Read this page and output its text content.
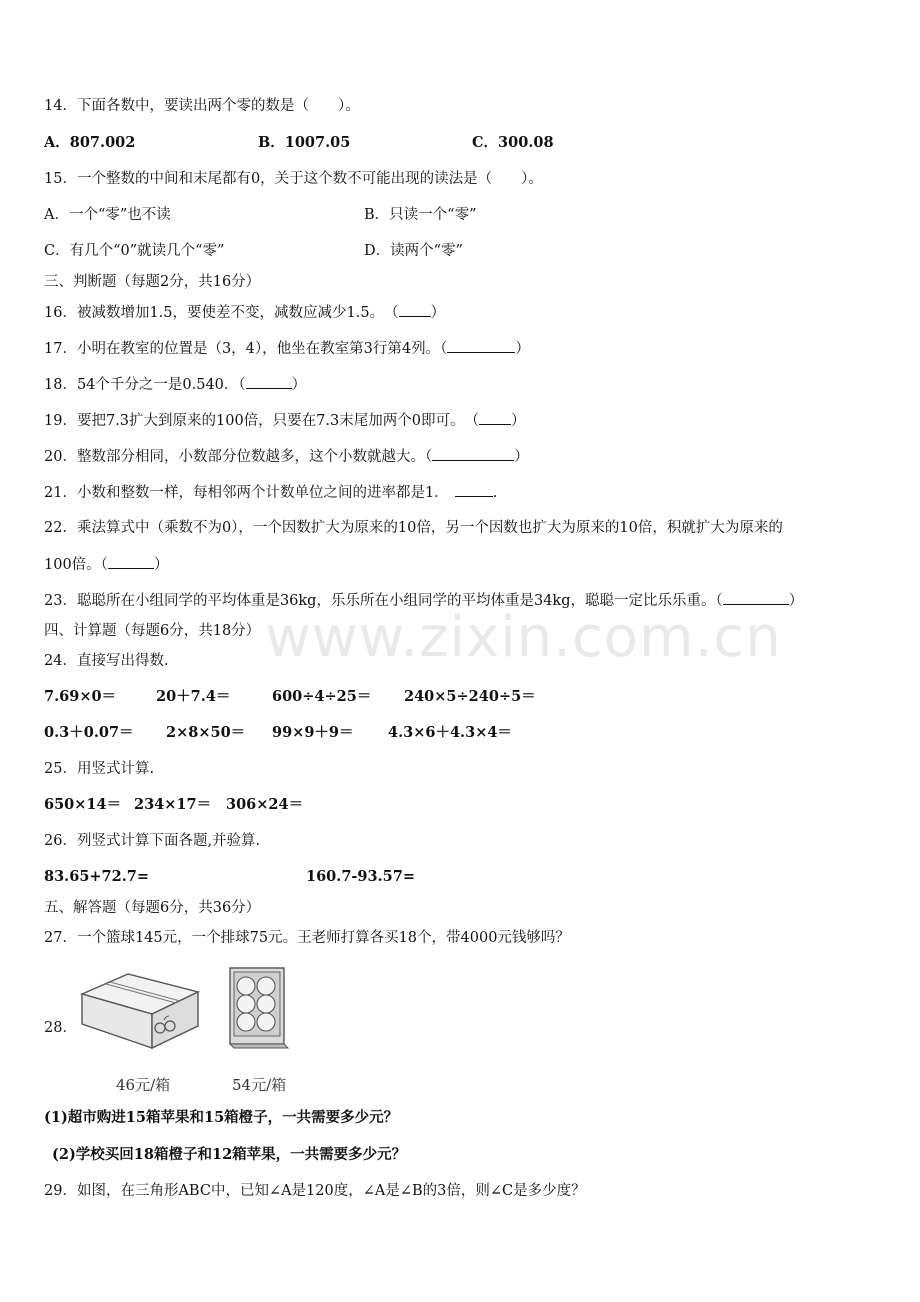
www.zixin.com.cn
14．下面各数中，要读出两个零的数是（　　）。
A．807.002	B．1007.05	C．300.08
15．一个整数的中间和末尾都有0，关于这个数不可能出现的读法是（　　）。
A．一个“零”也不读	B．只读一个“零”
C．有几个“0”就读几个“零”	D．读两个“零”
三、判断题（每题2分，共16分）
16．被减数增加1.5，要使差不变，减数应减少1.5。　（ ）
17．小明在教室的位置是（3，4），他坐在教室第3行第4列。（	）
18．54个千分之一是0.540．（	）
19．要把7.3扩大到原来的100倍，只要在7.3末尾加两个0即可。　（ ）
20．整数部分相同，小数部分位数越多，这个小数就越大。（	）
21．小数和整数一样，每相邻两个计数单位之间的进率都是1．	.
22．乘法算式中（乘数不为0），一个因数扩大为原来的10倍，另一个因数也扩大为原来的10倍，积就扩大为原来的
100倍。（	）
23．聪聪所在小组同学的平均体重是36kg，乐乐所在小组同学的平均体重是34kg，聪聪一定比乐乐重。（	）
四、计算题（每题6分，共18分）
24．直接写出得数.
7.69×0＝	20＋7.4＝	600÷4÷25＝ 240×5÷240÷5＝
0.3＋0.07＝ 2×8×50＝ 99×9＋9＝ 4.3×6＋4.3×4＝
25．用竖式计算.
650×14＝ 234×17＝ 306×24＝
26．列竖式计算下面各题,并验算.
83.65+72.7=	160.7-93.57=
五、解答题（每题6分，共36分）
27．一个篮球145元，一个排球75元。王老师打算各买18个，带4000元钱够吗？
28．
46元/箱	54元/箱
(1)超市购进15箱苹果和15箱橙子，一共需要多少元？
(2)学校买回18箱橙子和12箱苹果，一共需要多少元？
29．如图，在三角形ABC中，已知∠A是120度，∠A是∠B的3倍，则∠C是多少度？
